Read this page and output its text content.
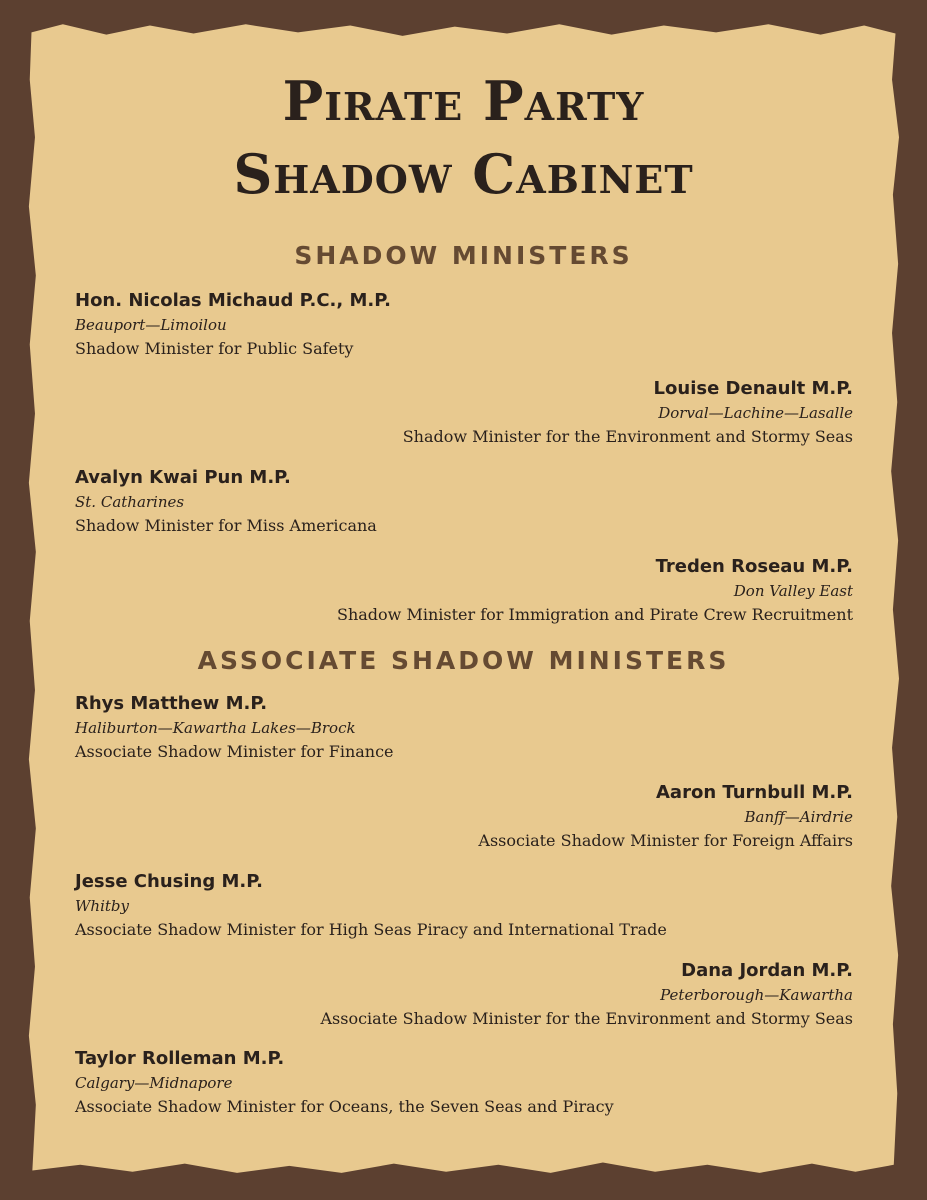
Pirate Party
Shadow Cabinet
SHADOW MINISTERS
Hon. Nicolas Michaud P.C., M.P.
Beauport—Limoilou
Shadow Minister for Public Safety
Louise Denault M.P.
Dorval—Lachine—Lasalle
Shadow Minister for the Environment and Stormy Seas
Avalyn Kwai Pun M.P.
St. Catharines
Shadow Minister for Miss Americana
Treden Roseau M.P.
Don Valley East
Shadow Minister for Immigration and Pirate Crew Recruitment
ASSOCIATE SHADOW MINISTERS
Rhys Matthew M.P.
Haliburton—Kawartha Lakes—Brock
Associate Shadow Minister for Finance
Aaron Turnbull M.P.
Banff—Airdrie
Associate Shadow Minister for Foreign Affairs
Jesse Chusing M.P.
Whitby
Associate Shadow Minister for High Seas Piracy and International Trade
Dana Jordan M.P.
Peterborough—Kawartha
Associate Shadow Minister for the Environment and Stormy Seas
Taylor Rolleman M.P.
Calgary—Midnapore
Associate Shadow Minister for Oceans, the Seven Seas and Piracy
